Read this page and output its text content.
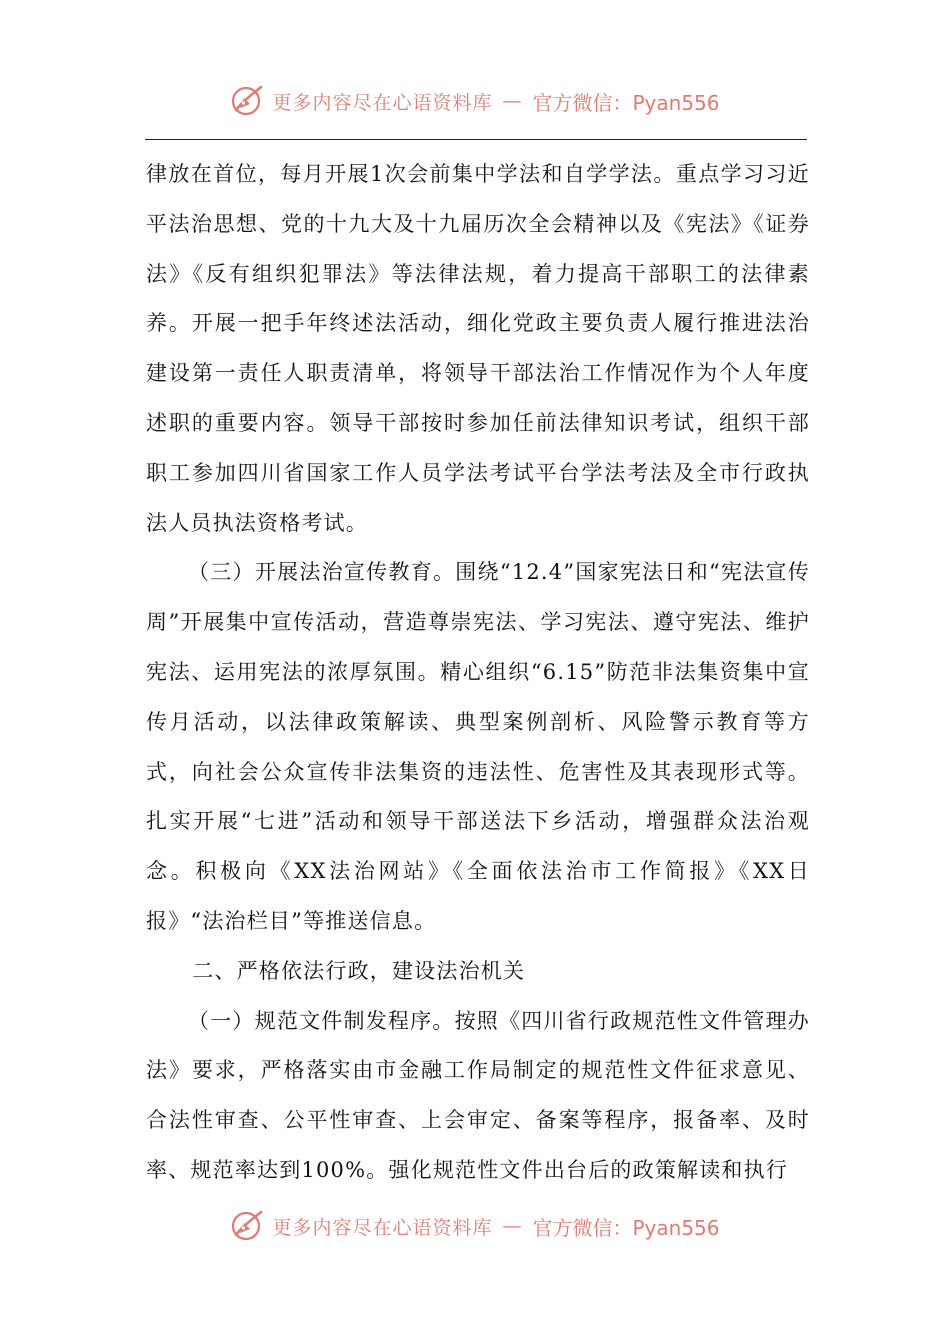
更多内容尽在心语资料库 — 官方微信：Pyan556

律放在首位，每月开展1次会前集中学法和自学学法。重点学习习近平法治思想、党的十九大及十九届历次全会精神以及《宪法》《证券法》《反有组织犯罪法》等法律法规，着力提高干部职工的法律素养。开展一把手年终述法活动，细化党政主要负责人履行推进法治建设第一责任人职责清单，将领导干部法治工作情况作为个人年度述职的重要内容。领导干部按时参加任前法律知识考试，组织干部职工参加四川省国家工作人员学法考试平台学法考法及全市行政执法人员执法资格考试。

（三）开展法治宣传教育。围绕“12.4”国家宪法日和“宪法宣传周”开展集中宣传活动，营造尊崇宪法、学习宪法、遵守宪法、维护宪法、运用宪法的浓厚氛围。精心组织“6.15”防范非法集资集中宣传月活动，以法律政策解读、典型案例剖析、风险警示教育等方式，向社会公众宣传非法集资的违法性、危害性及其表现形式等。扎实开展“七进”活动和领导干部送法下乡活动，增强群众法治观念。积极向《XX法治网站》《全面依法治市工作简报》《XX日报》“法治栏目”等推送信息。

二、严格依法行政，建设法治机关

（一）规范文件制发程序。按照《四川省行政规范性文件管理办法》要求，严格落实由市金融工作局制定的规范性文件征求意见、合法性审查、公平性审查、上会审定、备案等程序，报备率、及时率、规范率达到100%。强化规范性文件出台后的政策解读和执行

更多内容尽在心语资料库 — 官方微信：Pyan556
